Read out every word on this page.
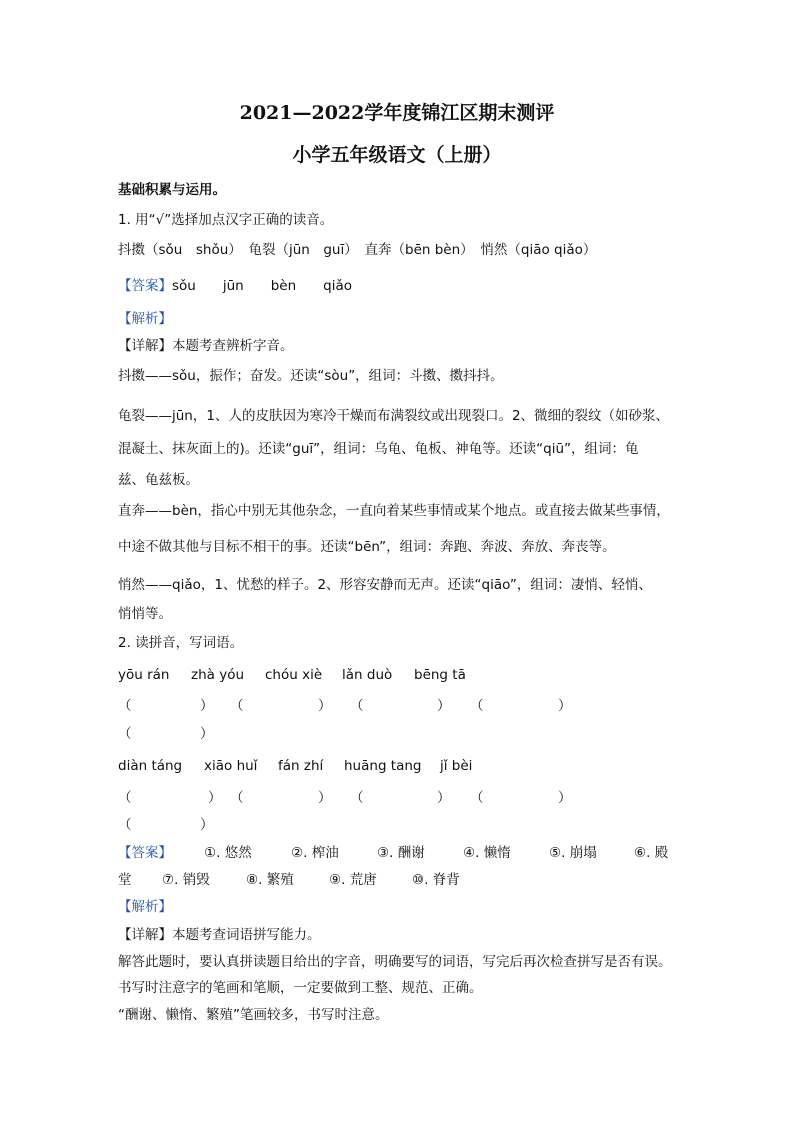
2021—2022学年度锦江区期末测评
小学五年级语文（上册）
基础积累与运用。
1. 用“√”选择加点汉字正确的读音。
抖擞（sǒu　shǒu）　龟裂（jūn　guī）　直奔（bēn bèn）　悄然（qiāo qiǎo）
【答案】sǒu　　jūn　　bèn　　qiǎo
【解析】
【详解】本题考查辨析字音。
抖擞——sǒu，振作；奋发。还读“sòu”，组词：斗擞、擞抖抖。
龟裂——jūn，1、人的皮肤因为寒冷干燥而布满裂纹或出现裂口。2、微细的裂纹（如砂浆、
混凝土、抹灰面上的)。还读“guī”，组词：乌龟、龟板、神龟等。还读“qiū”，组词：龟
兹、龟兹板。
直奔——bèn，指心中别无其他杂念，一直向着某些事情或某个地点。或直接去做某些事情，
中途不做其他与目标不相干的事。还读“bēn”，组词：奔跑、奔波、奔放、奔丧等。
悄然——qiǎo，1、忧愁的样子。2、形容安静而无声。还读“qiāo”，组词：凄悄、轻悄、
悄悄等。
2. 读拼音，写词语。
yōu rán zhà yóu chóu xiè lǎn duò bēng tā
（	） （	） （	） （	）
（	）
diàn táng xiāo huǐ fán zhí huāng tang jǐ bèi
（	） （	） （	） （	）
（	）
【答案】 ①. 悠然	②. 榨油	③. 酬谢	④. 懒惰	⑤. 崩塌	⑥. 殿
堂 ⑦. 销毁	⑧. 繁殖	⑨. 荒唐	⑩. 脊背
【解析】
【详解】本题考查词语拼写能力。
解答此题时，要认真拼读题目给出的字音，明确要写的词语，写完后再次检查拼写是否有误。
书写时注意字的笔画和笔顺，一定要做到工整、规范、正确。
“酬谢、懒惰、繁殖”笔画较多，书写时注意。
